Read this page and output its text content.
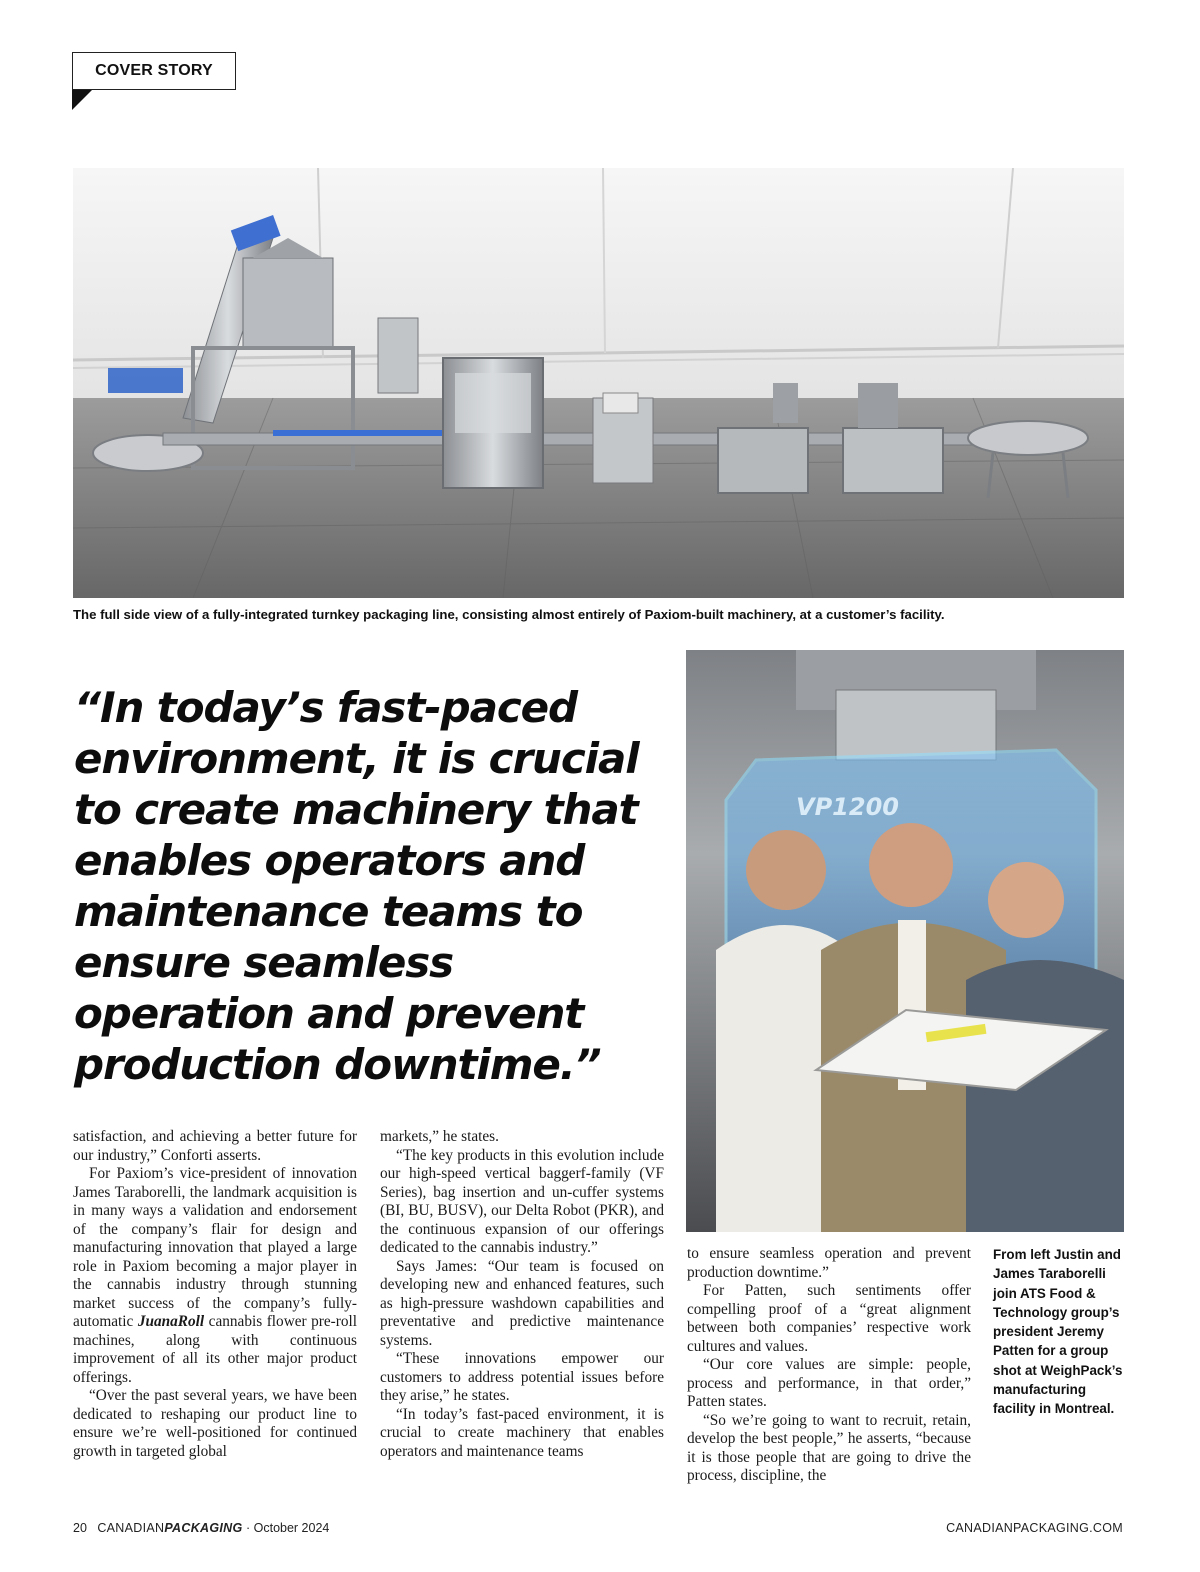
COVER STORY
The full side view of a fully-integrated turnkey packaging line, consisting almost entirely of Paxiom-built machinery, at a customer’s facility.
“In today’s fast-paced environment, it is crucial to create machinery that enables operators and maintenance teams to ensure seamless operation and prevent production downtime.”
VP1200

satisfaction, and achieving a better future for our industry,” Conforti asserts.

For Paxiom’s vice-president of innovation James Taraborelli, the landmark acquisition is in many ways a validation and endorsement of the company’s flair for design and manufacturing innovation that played a large role in Paxiom becoming a major player in the cannabis industry through stunning market success of the company’s fully-automatic JuanaRoll cannabis flower pre-roll machines, along with continuous improvement of all its other major product offerings.

“Over the past several years, we have been dedicated to reshaping our product line to ensure we’re well-positioned for continued growth in targeted global

markets,” he states.

“The key products in this evolution include our high-speed vertical baggerf-family (VF Series), bag insertion and un-cuffer systems (BI, BU, BUSV), our Delta Robot (PKR), and the continuous expansion of our offerings dedicated to the cannabis industry.”

Says James: “Our team is focused on developing new and enhanced features, such as high-pressure washdown capabilities and preventative and predictive maintenance systems.

“These innovations empower our customers to address potential issues before they arise,” he states.

“In today’s fast-paced environment, it is crucial to create machinery that enables operators and maintenance teams

to ensure seamless operation and prevent production downtime.”

For Patten, such sentiments offer compelling proof of a “great alignment between both companies’ respective work cultures and values.

“Our core values are simple: people, process and performance, in that order,” Patten states.

“So we’re going to want to recruit, retain, develop the best people,” he asserts, “because it is those people that are going to drive the process, discipline, the

From left Justin and James Taraborelli join ATS Food & Technology group’s president Jeremy Patten for a group shot at WeighPack’s manufacturing facility in Montreal.
20 CANADIANPACKAGING · October 2024	CANADIANPACKAGING.COM
